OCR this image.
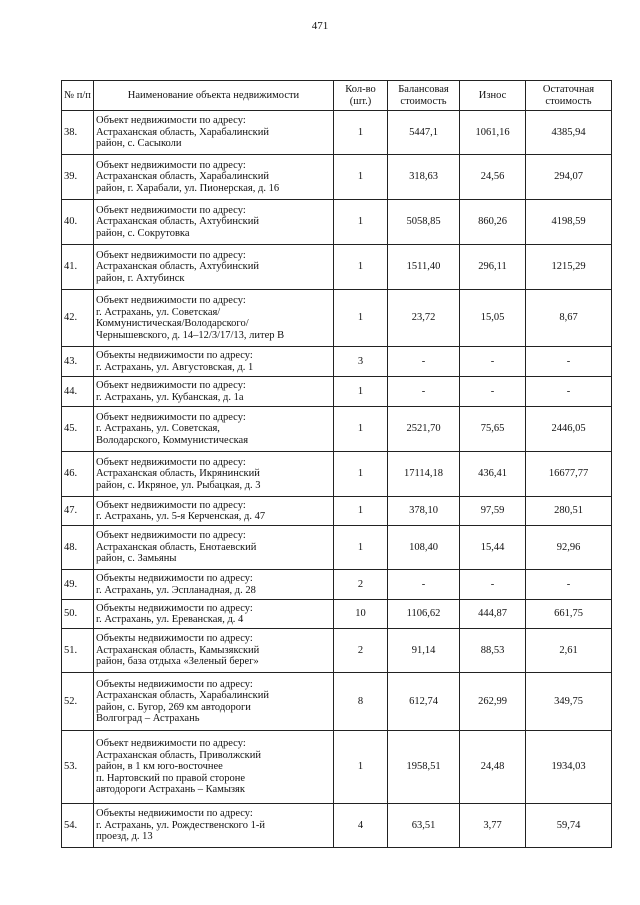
471
№ п/п	Наименование объекта недвижимости	Кол-во (шт.)	Балансовая стоимость	Износ	Остаточная стоимость
38.	Объект недвижимости по адресу:
Астраханская область, Харабалинский
район, с. Сасыколи	1	5447,1	1061,16	4385,94
39.	Объект недвижимости по адресу:
Астраханская область, Харабалинский
район, г. Харабали, ул. Пионерская, д. 16	1	318,63	24,56	294,07
40.	Объект недвижимости по адресу:
Астраханская область, Ахтубинский
район, с. Сокрутовка	1	5058,85	860,26	4198,59
41.	Объект недвижимости по адресу:
Астраханская область, Ахтубинский
район, г. Ахтубинск	1	1511,40	296,11	1215,29
42.	Объект недвижимости по адресу:
г. Астрахань, ул. Советская/
Коммунистическая/Володарского/
Чернышевского, д. 14–12/3/17/13, литер В	1	23,72	15,05	8,67
43.	Объекты недвижимости по адресу:
г. Астрахань, ул. Августовская, д. 1	3	-	-	-
44.	Объект недвижимости по адресу:
г. Астрахань, ул. Кубанская, д. 1а	1	-	-	-
45.	Объект недвижимости по адресу:
г. Астрахань, ул. Советская,
Володарского, Коммунистическая	1	2521,70	75,65	2446,05
46.	Объект недвижимости по адресу:
Астраханская область, Икрянинский
район, с. Икряное, ул. Рыбацкая, д. 3	1	17114,18	436,41	16677,77
47.	Объект недвижимости по адресу:
г. Астрахань, ул. 5-я Керченская, д. 47	1	378,10	97,59	280,51
48.	Объект недвижимости по адресу:
Астраханская область, Енотаевский
район, с. Замьяны	1	108,40	15,44	92,96
49.	Объекты недвижимости по адресу:
г. Астрахань, ул. Эспланадная, д. 28	2	-	-	-
50.	Объекты недвижимости по адресу:
г. Астрахань, ул. Ереванская, д. 4	10	1106,62	444,87	661,75
51.	Объекты недвижимости по адресу:
Астраханская область, Камызякский
район, база отдыха «Зеленый берег»	2	91,14	88,53	2,61
52.	Объекты недвижимости по адресу:
Астраханская область, Харабалинский
район, с. Бугор, 269 км автодороги
Волгоград – Астрахань	8	612,74	262,99	349,75
53.	Объект недвижимости по адресу:
Астраханская область, Приволжский
район, в 1 км юго-восточнее
п. Нартовский по правой стороне
автодороги Астрахань – Камызяк	1	1958,51	24,48	1934,03
54.	Объекты недвижимости по адресу:
г. Астрахань, ул. Рождественского 1-й
проезд, д. 13	4	63,51	3,77	59,74
